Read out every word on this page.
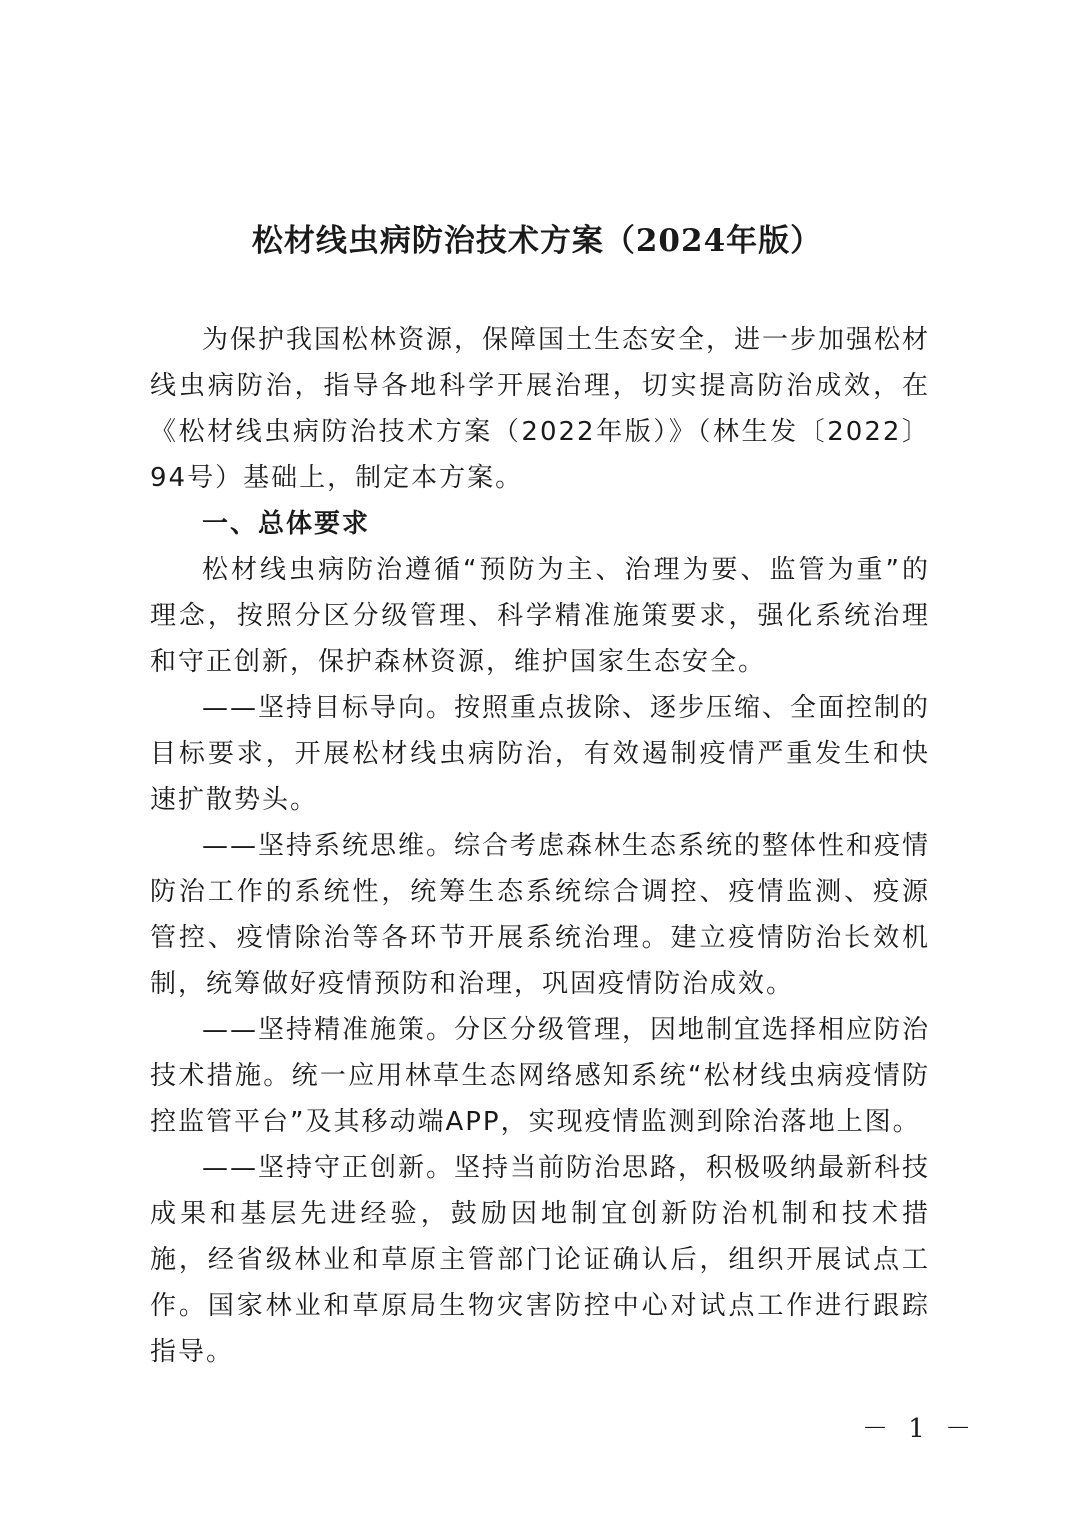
松材线虫病防治技术方案（2024年版）

为保护我国松林资源，保障国土生态安全，进一步加强松材线虫病防治，指导各地科学开展治理，切实提高防治成效，在《松材线虫病防治技术方案（2022年版）》（林生发〔2022〕94号）基础上，制定本方案。

一、总体要求

松材线虫病防治遵循“预防为主、治理为要、监管为重”的理念，按照分区分级管理、科学精准施策要求，强化系统治理和守正创新，保护森林资源，维护国家生态安全。

——坚持目标导向。按照重点拔除、逐步压缩、全面控制的目标要求，开展松材线虫病防治，有效遏制疫情严重发生和快速扩散势头。

——坚持系统思维。综合考虑森林生态系统的整体性和疫情防治工作的系统性，统筹生态系统综合调控、疫情监测、疫源管控、疫情除治等各环节开展系统治理。建立疫情防治长效机制，统筹做好疫情预防和治理，巩固疫情防治成效。

——坚持精准施策。分区分级管理，因地制宜选择相应防治技术措施。统一应用林草生态网络感知系统“松材线虫病疫情防控监管平台”及其移动端APP，实现疫情监测到除治落地上图。

——坚持守正创新。坚持当前防治思路，积极吸纳最新科技成果和基层先进经验，鼓励因地制宜创新防治机制和技术措施，经省级林业和草原主管部门论证确认后，组织开展试点工作。国家林业和草原局生物灾害防控中心对试点工作进行跟踪指导。

－ 1 －
